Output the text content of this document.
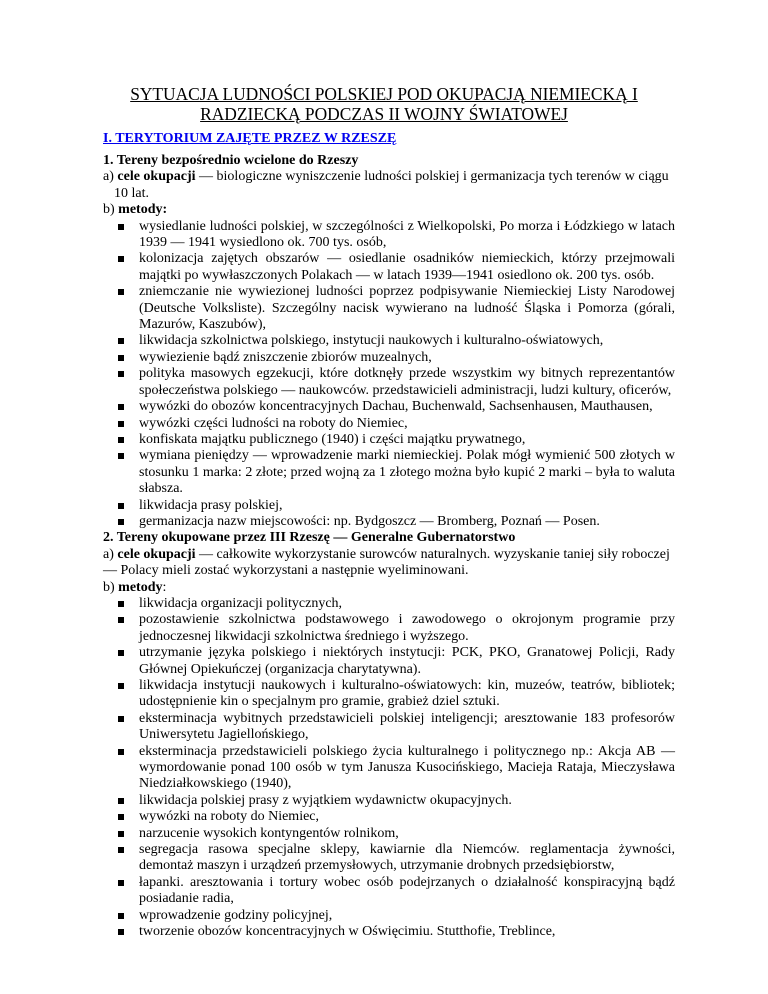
SYTUACJA LUDNOŚCI POLSKIEJ POD OKUPACJĄ NIEMIECKĄ I
RADZIECKĄ PODCZAS II WOJNY ŚWIATOWEJ
I. TERYTORIUM ZAJĘTE PRZEZ W RZESZĘ

1. Tereny bezpośrednio wcielone do Rzeszy

a) cele okupacji — biologiczne wyniszczenie ludności polskiej i germanizacja tych terenów w ciągu

10 lat.

b) metody:

wysiedlanie ludności polskiej, w szczególności z Wielkopolski, Po morza i Łódzkiego w latach 1939 — 1941 wysiedlono ok. 700 tys. osób,
kolonizacja zajętych obszarów — osiedlanie osadników niemieckich, którzy przejmowali majątki po wywłaszczonych Polakach — w latach 1939—1941 osiedlono ok. 200 tys. osób.
zniemczanie nie wywiezionej ludności poprzez podpisywanie Niemieckiej Listy Narodowej (Deutsche Volksliste). Szczególny nacisk wywierano na ludność Śląska i Pomorza (górali, Mazurów, Kaszubów),
likwidacja szkolnictwa polskiego, instytucji naukowych i kulturalno-oświatowych,
wywiezienie bądź zniszczenie zbiorów muzealnych,
polityka masowych egzekucji, które dotknęły przede wszystkim wy bitnych reprezentantów społeczeństwa polskiego — naukowców. przedstawicieli administracji, ludzi kultury, oficerów,
wywózki do obozów koncentracyjnych Dachau, Buchenwald, Sachsenhausen, Mauthausen,
wywózki części ludności na roboty do Niemiec,
konfiskata majątku publicznego (1940) i części majątku prywatnego,
wymiana pieniędzy — wprowadzenie marki niemieckiej. Polak mógł wymienić 500 złotych w stosunku 1 marka: 2 złote; przed wojną za 1 złotego można było kupić 2 marki – była to waluta słabsza.
likwidacja prasy polskiej,
germanizacja nazw miejscowości: np. Bydgoszcz — Bromberg, Poznań — Posen.

2. Tereny okupowane przez III Rzeszę — Generalne Gubernatorstwo

a) cele okupacji — całkowite wykorzystanie surowców naturalnych. wyzyskanie taniej siły roboczej — Polacy mieli zostać wykorzystani a następnie wyeliminowani.

b) metody:

likwidacja organizacji politycznych,
pozostawienie szkolnictwa podstawowego i zawodowego o okrojonym programie przy jednoczesnej likwidacji szkolnictwa średniego i wyższego.
utrzymanie języka polskiego i niektórych instytucji: PCK, PKO, Granatowej Policji, Rady Głównej Opiekuńczej (organizacja charytatywna).
likwidacja instytucji naukowych i kulturalno-oświatowych: kin, muzeów, teatrów, bibliotek; udostępnienie kin o specjalnym pro gramie, grabież dziel sztuki.
eksterminacja wybitnych przedstawicieli polskiej inteligencji; aresztowanie 183 profesorów Uniwersytetu Jagiellońskiego,
eksterminacja przedstawicieli polskiego życia kulturalnego i politycznego np.: Akcja AB — wymordowanie ponad 100 osób w tym Janusza Kusocińskiego, Macieja Rataja, Mieczysława Niedziałkowskiego (1940),
likwidacja polskiej prasy z wyjątkiem wydawnictw okupacyjnych.
wywózki na roboty do Niemiec,
narzucenie wysokich kontyngentów rolnikom,
segregacja rasowa specjalne sklepy, kawiarnie dla Niemców. reglamentacja żywności, demontaż maszyn i urządzeń przemysłowych, utrzymanie drobnych przedsiębiorstw,
łapanki. aresztowania i tortury wobec osób podejrzanych o działalność konspiracyjną bądź posiadanie radia,
wprowadzenie godziny policyjnej,
tworzenie obozów koncentracyjnych w Oświęcimiu. Stutthofie, Treblince,
